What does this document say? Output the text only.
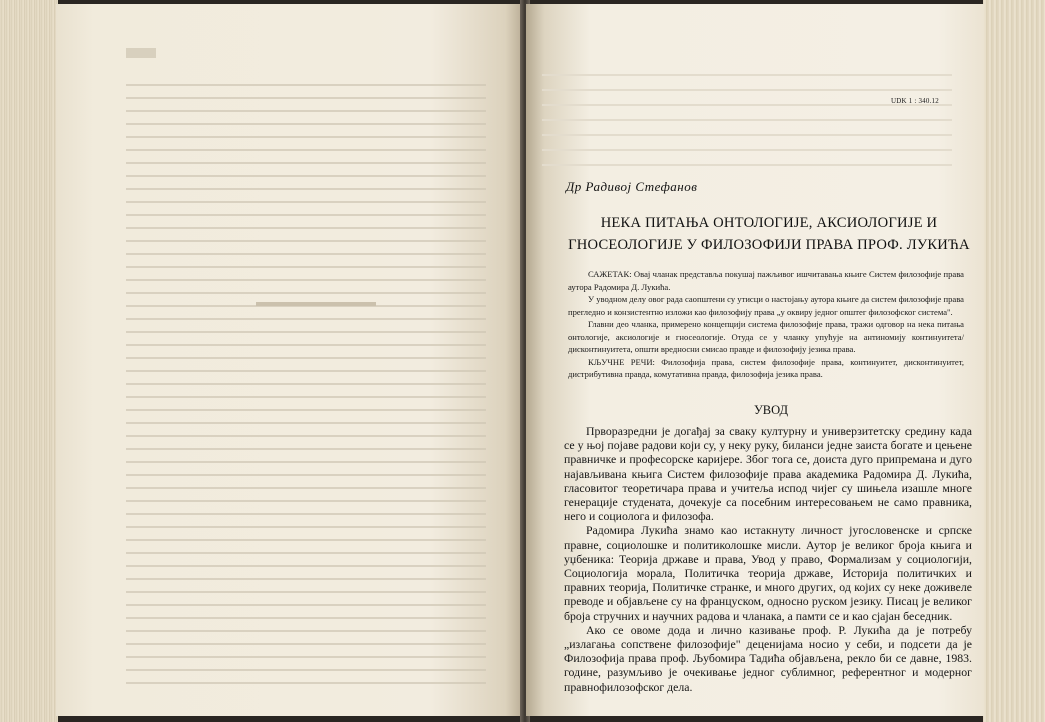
UDK 1 : 340.12
Др Радивој Стефанов
НЕКА ПИТАЊА ОНТОЛОГИЈЕ, АКСИОЛОГИЈЕ И ГНОСЕОЛОГИЈЕ У ФИЛОЗОФИЈИ ПРАВА ПРОФ. ЛУКИЋА

САЖЕТАК: Овај чланак представља покушај пажљивог ишчитавања књиге Систем филозофије права аутора Радомира Д. Лукића.

У уводном делу овог рада саопштени су утисци о настојању аутора књиге да систем филозофије права прегледно и конзистентно изложи као филозофију права „у оквиру једног општег филозофског система".

Главни део чланка, примерено концепцији система филозофије права, тражи одговор на нека питања онтологије, аксиологије и гносеологије. Отуда се у чланку упућује на антиномију континуитета/дисконтинуитета, општи вредносни смисао правде и филозофију језика права.

КЉУЧНЕ РЕЧИ: Филозофија права, систем филозофије права, континуитет, дисконтинуитет, дистрибутивна правда, комутативна правда, филозофија језика права.

УВОД

Прворазредни је догађај за сваку културну и универзитетску средину када се у њој појаве радови који су, у неку руку, биланси једне заиста богате и цењене правничке и професорске каријере. Због тога се, доиста дуго припремана и дуго најављивана књига Систем филозофије права академика Радомира Д. Лукића, гласовитог теоретичара права и учитеља испод чијег су шињела изашле многе генерације студената, дочекује са посебним интересовањем не само правника, него и социолога и филозофа.

Радомира Лукића знамо као истакнуту личност југословенске и српске правне, социолошке и политиколошке мисли. Аутор је великог броја књига и уџбеника: Теорија државе и права, Увод у право, Формализам у социологији, Социологија морала, Политичка теорија државе, Историја политичких и правних теорија, Политичке странке, и много других, од којих су неке доживеле преводе и објављене су на француском, односно руском језику. Писац је великог броја стручних и научних радова и чланака, а памти се и као сјајан беседник.

Ако се овоме дода и лично казивање проф. Р. Лукића да је потребу „излагања сопствене филозофије" деценијама носио у себи, и подсети да је Филозофија права проф. Љубомира Тадића објављена, рекло би се давне, 1983. године, разумљиво је очекивање једног сублимног, референтног и модерног правнофилозофског дела.
